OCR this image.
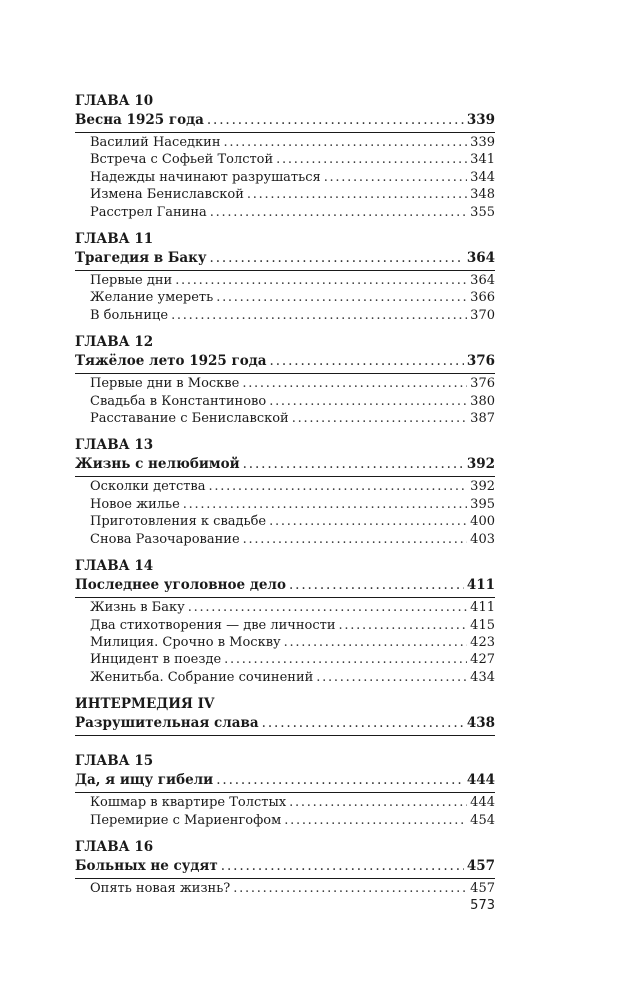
ГЛАВА 10
Весна 1925 года . . .	339
Василий Наседкин . . .	339
Встреча с Софьей Толстой . . .	341
Надежды начинают разрушаться . . .	344
Измена Бениславской . . .	348
Расстрел Ганина . . .	355
ГЛАВА 11
Трагедия в Баку . . .	364
Первые дни . . .	364
Желание умереть . . .	366
В больнице . . .	370
ГЛАВА 12
Тяжёлое лето 1925 года . . .	376
Первые дни в Москве . . .	376
Свадьба в Константиново . . .	380
Расставание с Бениславской . . .	387
ГЛАВА 13
Жизнь с нелюбимой . . .	392
Осколки детства . . .	392
Новое жилье . . .	395
Приготовления к свадьбе . . .	400
Снова Разочарование . . .	403
ГЛАВА 14
Последнее уголовное дело . . .	411
Жизнь в Баку . . .	411
Два стихотворения — две личности . . .	415
Милиция. Срочно в Москву . . .	423
Инцидент в поезде . . .	427
Женитьба. Собрание сочинений . . .	434
ИНТЕРМЕДИЯ IV
Разрушительная слава . . .	438
ГЛАВА 15
Да, я ищу гибели . . .	444
Кошмар в квартире Толстых . . .	444
Перемирие с Мариенгофом . . .	454
ГЛАВА 16
Больных не судят . . .	457
Опять новая жизнь? . . .	457
573
